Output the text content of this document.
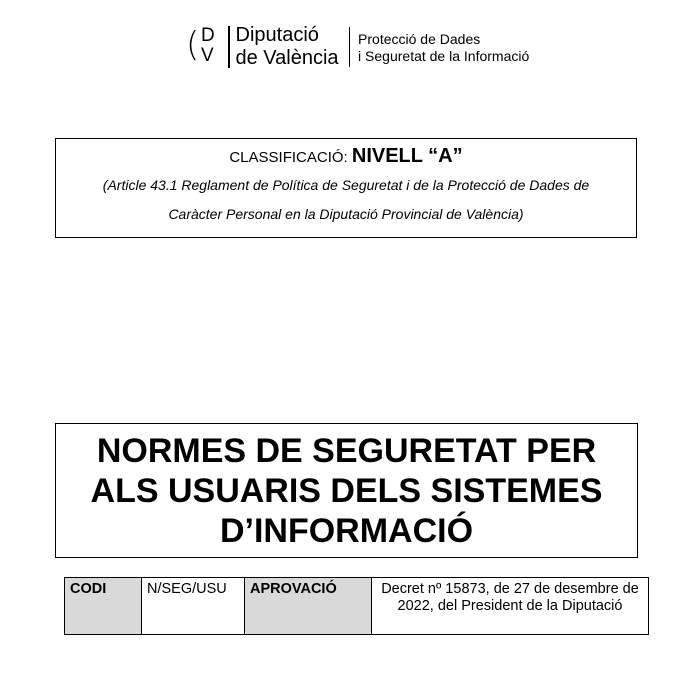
( D
V
Diputació
de València
Protecció de Dades
i Seguretat de la Informació
CLASSIFICACIÓ: NIVELL “A”
(Article 43.1 Reglament de Política de Seguretat i de la Protecció de Dades de
Caràcter Personal en la Diputació Provincial de València)
NORMES DE SEGURETAT PER
ALS USUARIS DELS SISTEMES
D’INFORMACIÓ
CODI	N/SEG/USU	APROVACIÓ	Decret nº 15873, de 27 de desembre de 2022, del President de la Diputació
